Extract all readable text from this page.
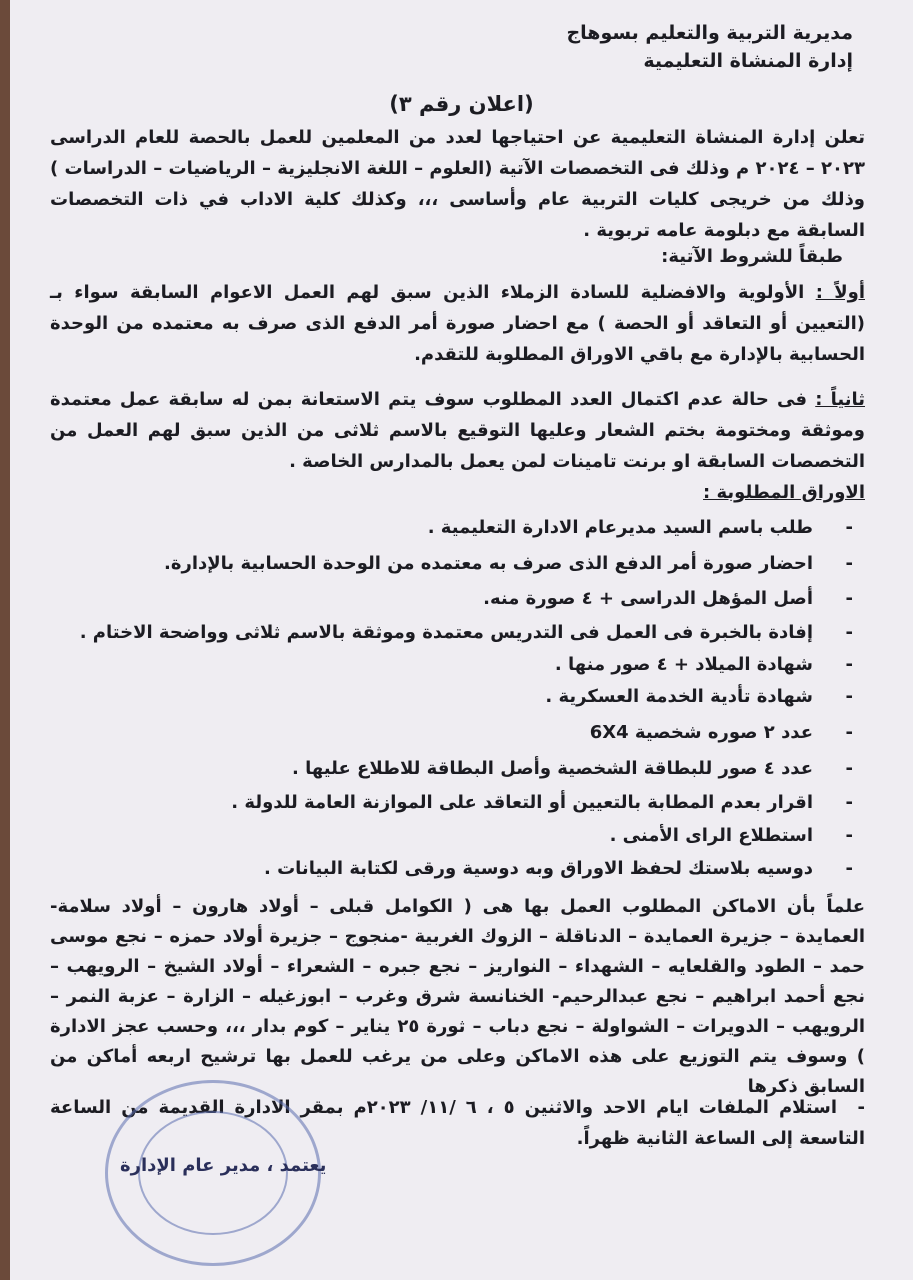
مديرية التربية والتعليم بسوهاج
إدارة المنشاة التعليمية
(اعلان رقم ٣)
تعلن إدارة المنشاة التعليمية عن احتياجها لعدد من المعلمين للعمل بالحصة للعام الدراسى ٢٠٢٣ – ٢٠٢٤ م وذلك فى التخصصات الآتية (العلوم – اللغة الانجليزية – الرياضيات – الدراسات ) وذلك من خريجى كليات التربية عام وأساسى ،،، وكذلك كلية الاداب في ذات التخصصات السابقة مع دبلومة عامه تربوية .
طبقاً للشروط الآتية:
أولاً : الأولوية والافضلية للسادة الزملاء الذين سبق لهم العمل الاعوام السابقة سواء بـ (التعيين أو التعاقد أو الحصة ) مع احضار صورة أمر الدفع الذى صرف به معتمده من الوحدة الحسابية بالإدارة مع باقي الاوراق المطلوبة للتقدم.
ثانياً : فى حالة عدم اكتمال العدد المطلوب سوف يتم الاستعانة بمن له سابقة عمل معتمدة وموثقة ومختومة بختم الشعار وعليها التوقيع بالاسم ثلاثى من الذين سبق لهم العمل من التخصصات السابقة او برنت تامينات لمن يعمل بالمدارس الخاصة .
الاوراق المطلوبة :
-طلب باسم السيد مديرعام الادارة التعليمية .
-احضار صورة أمر الدفع الذى صرف به معتمده من الوحدة الحسابية بالإدارة.
-أصل المؤهل الدراسى + ٤ صورة منه.
-إفادة بالخبرة فى العمل فى التدريس معتمدة وموثقة بالاسم ثلاثى وواضحة الاختام .
-شهادة الميلاد + ٤ صور منها .
-شهادة تأدية الخدمة العسكرية .
-عدد ٢ صوره شخصية 6X4
-عدد ٤ صور للبطاقة الشخصية وأصل البطاقة للاطلاع عليها .
-اقرار بعدم المطابة بالتعيين أو التعاقد على الموازنة العامة للدولة .
-استطلاع الراى الأمنى .
-دوسيه بلاستك لحفظ الاوراق وبه دوسية ورقى لكتابة البيانات .
علماً بأن الاماكن المطلوب العمل بها هى ( الكوامل قبلى – أولاد هارون – أولاد سلامة- العمايدة – جزيرة العمايدة – الدناقلة – الزوك الغربية -منجوج – جزيرة أولاد حمزه – نجع موسى حمد – الطود والقلعايه – الشهداء – النواريز – نجع جبره – الشعراء – أولاد الشيخ – الرويهب – نجع أحمد ابراهيم – نجع عبدالرحيم- الخنانسة شرق وغرب – ابوزغيله – الزارة – عزبة النمر – الرويهب – الدويرات – الشواولة – نجع دباب – ثورة ٢٥ يناير – كوم بدار ،،، وحسب عجز الادارة ) وسوف يتم التوزيع على هذه الاماكن وعلى من يرغب للعمل بها ترشيح اربعه أماكن من السابق ذكرها
-استلام الملفات ايام الاحد والاثنين ٥ ، ٦ /١١/ ٢٠٢٣م بمقر الادارة القديمة من الساعة التاسعة إلى الساعة الثانية ظهراً.
يعتمد ، مدير عام الإدارة
